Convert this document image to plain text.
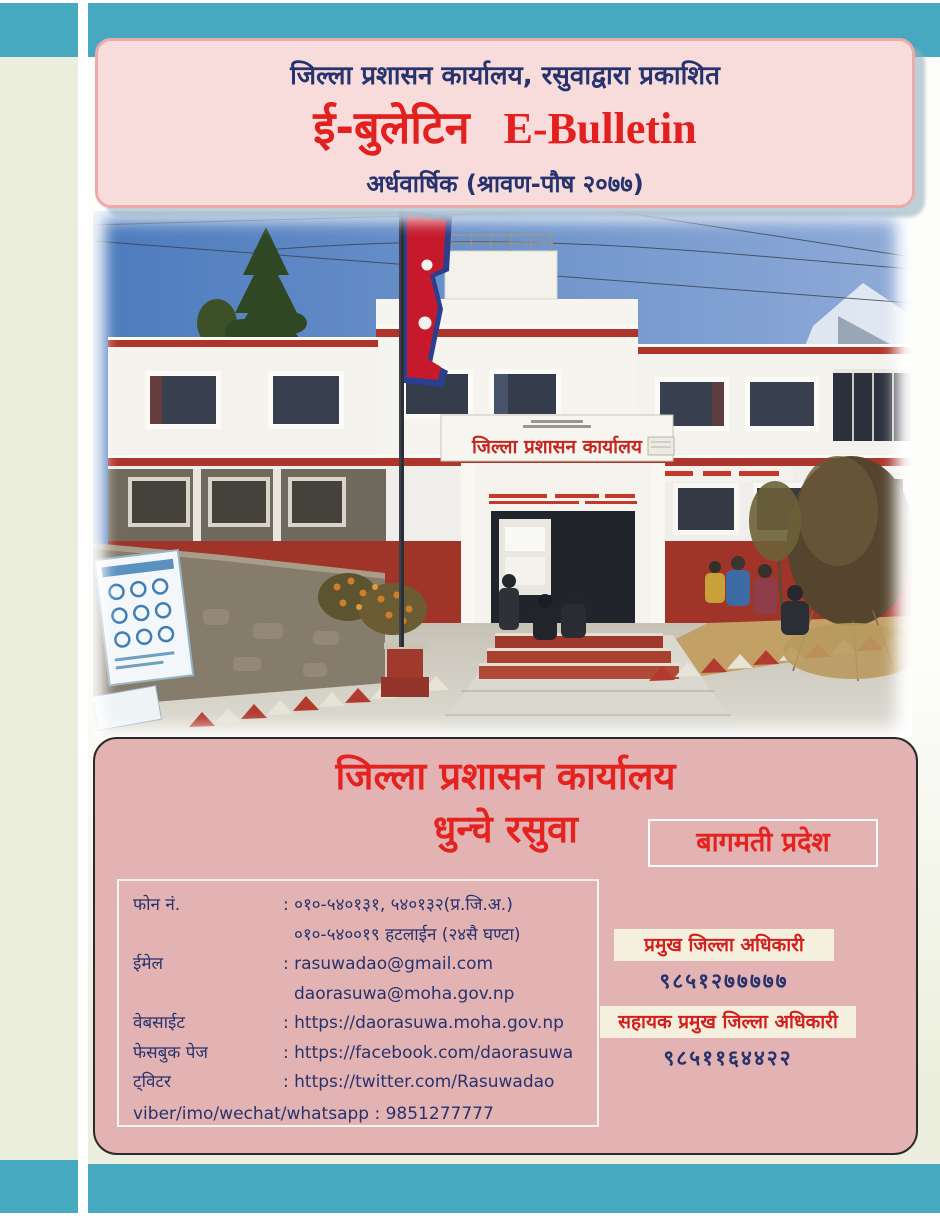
जिल्ला प्रशासन कार्यालय, रसुवाद्वारा प्रकाशित
ई-बुलेटिन E-Bulletin
अर्धवार्षिक (श्रावण-पौष २०७७)
जिल्ला प्रशासन कार्यालय
जिल्ला प्रशासन कार्यालय
धुन्चे रसुवा	बागमती प्रदेश
फोन नं.	: ०१०-५४०१३१, ५४०१३२(प्र.जि.अ.)
०१०-५४००१९ हटलाईन (२४सै घण्टा)
ईमेल	: rasuwadao@gmail.com
daorasuwa@moha.gov.np
वेबसाईट	: https://daorasuwa.moha.gov.np
फेसबुक पेज	: https://facebook.com/daorasuwa
ट्विटर	: https://twitter.com/Rasuwadao
viber/imo/wechat/whatsapp : 9851277777
प्रमुख जिल्ला अधिकारी
९८५१२७७७७७
सहायक प्रमुख जिल्ला अधिकारी
९८५११६४४२२
